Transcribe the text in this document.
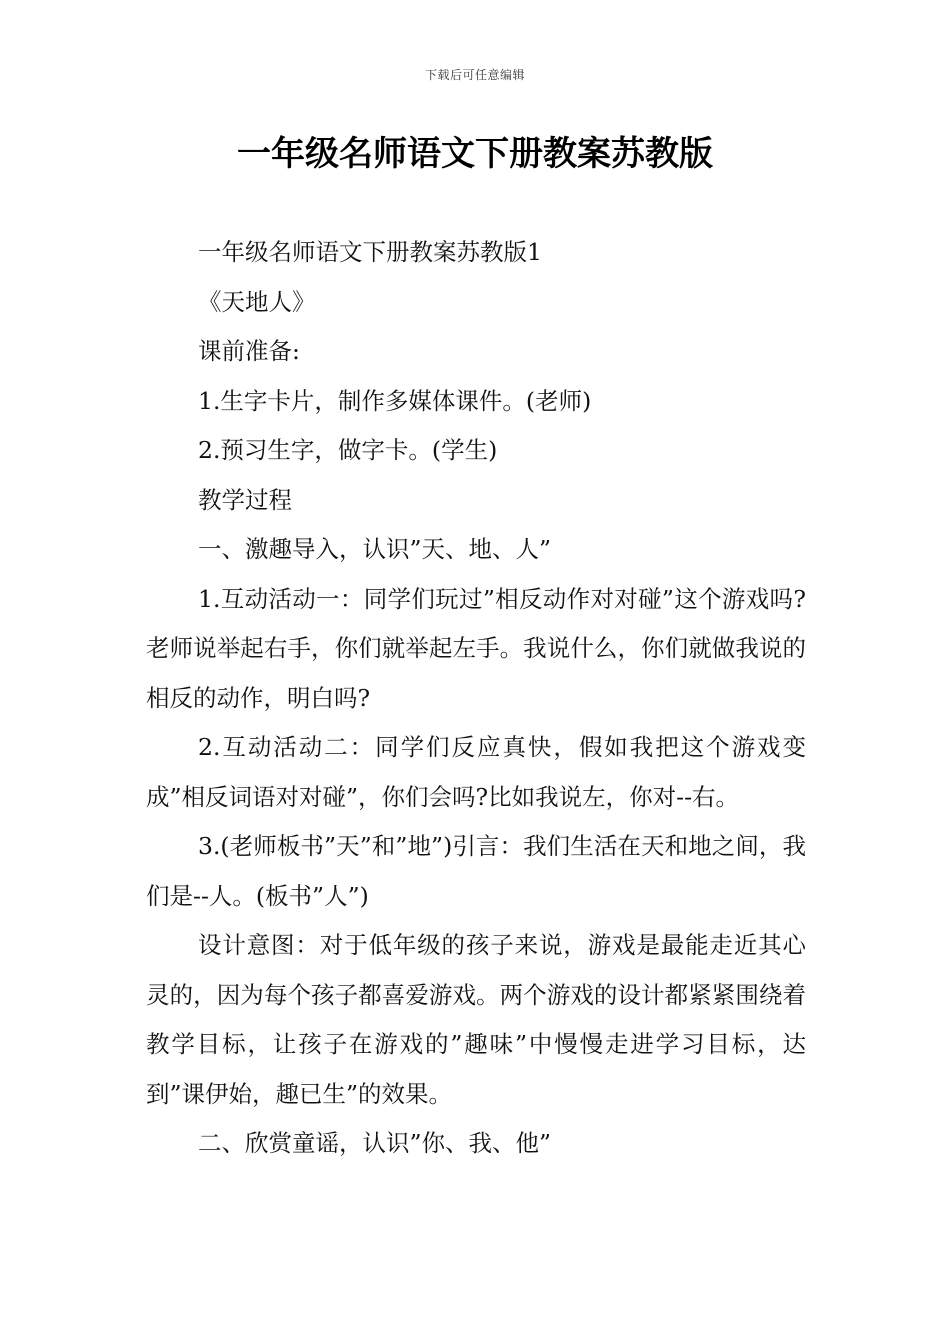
下载后可任意编辑
一年级名师语文下册教案苏教版

一年级名师语文下册教案苏教版1

《天地人》

课前准备:

1.生字卡片，制作多媒体课件。(老师)

2.预习生字，做字卡。(学生)

教学过程

一、激趣导入，认识”天、地、人”

1.互动活动一：同学们玩过”相反动作对对碰”这个游戏吗?老师说举起右手，你们就举起左手。我说什么，你们就做我说的相反的动作，明白吗?

2.互动活动二：同学们反应真快，假如我把这个游戏变成”相反词语对对碰”，你们会吗?比如我说左，你对--右。

3.(老师板书”天”和”地”)引言：我们生活在天和地之间，我们是--人。(板书”人”)

设计意图：对于低年级的孩子来说，游戏是最能走近其心灵的，因为每个孩子都喜爱游戏。两个游戏的设计都紧紧围绕着教学目标，让孩子在游戏的”趣味”中慢慢走进学习目标，达到”课伊始，趣已生”的效果。

二、欣赏童谣，认识”你、我、他”
